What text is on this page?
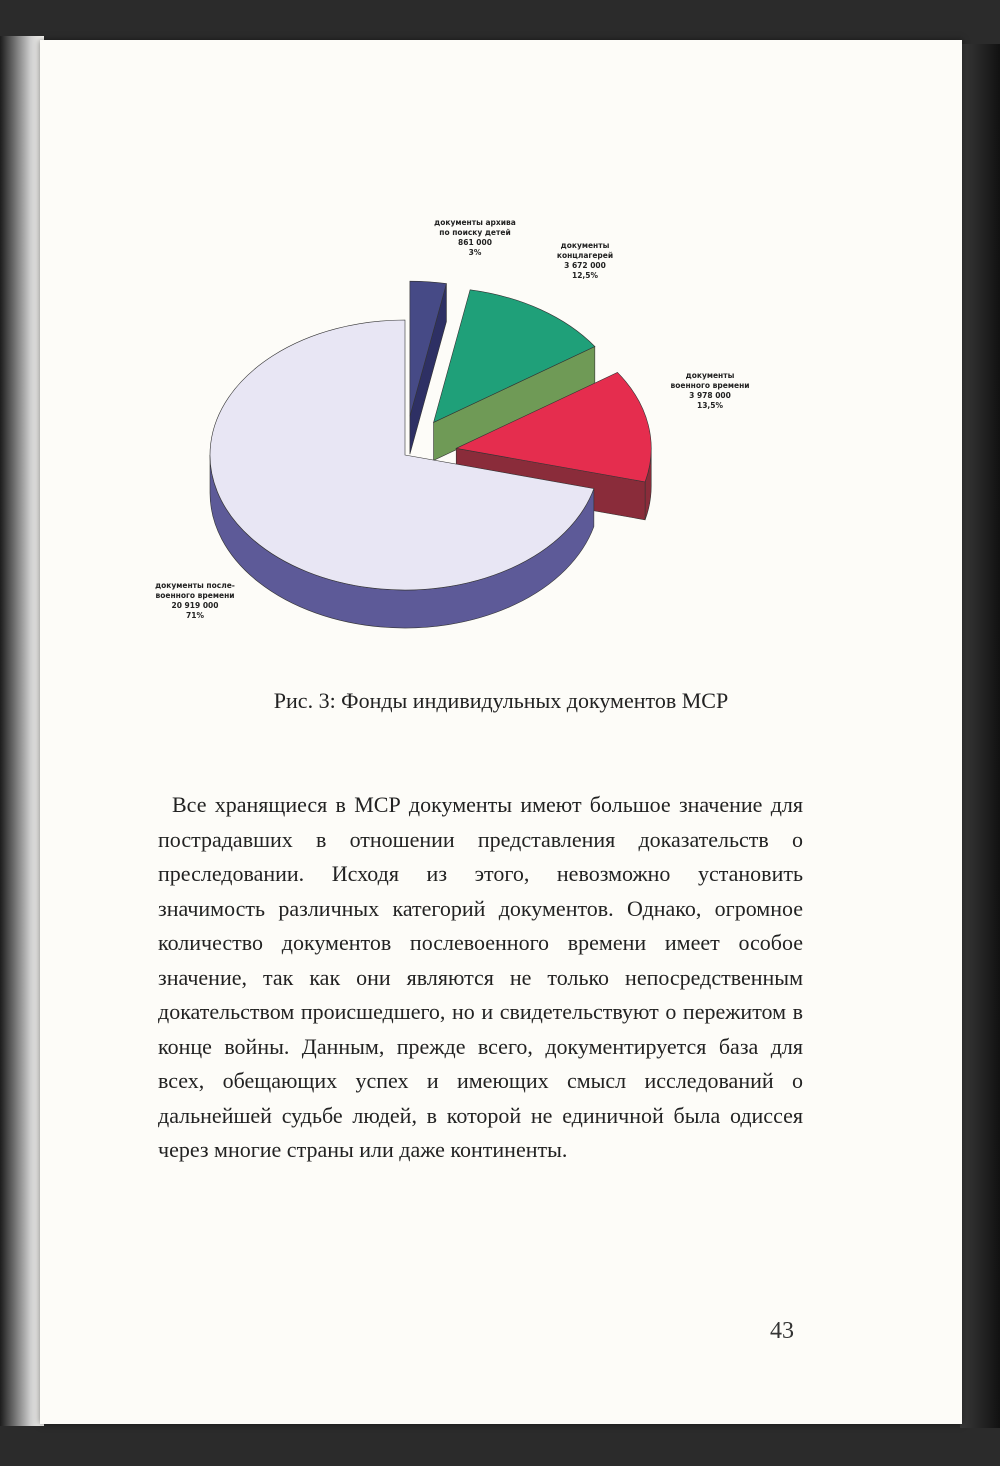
документы архива по поиску детей 861 000 3%
документы концлагерей 3 672 000 12,5%
документы военного времени 3 978 000 13,5%
документы после-военного времени 20 919 000 71%
Рис. 3: Фонды индивидульных документов МСР

Все хранящиеся в МСР документы имеют большое значение для пострадавших в отношении представления доказательств о преследовании. Исходя из этого, невозможно установить значимость различных категорий документов. Однако, огромное количество документов послевоенного времени имеет особое значение, так как они являются не только непосредственным докательством происшедшего, но и свидетельствуют о пережитом в конце войны. Данным, прежде всего, документируется база для всех, обещающих успех и имеющих смысл исследований о дальнейшей судьбе людей, в которой не единичной была одиссея через многие страны или даже континенты.

43
